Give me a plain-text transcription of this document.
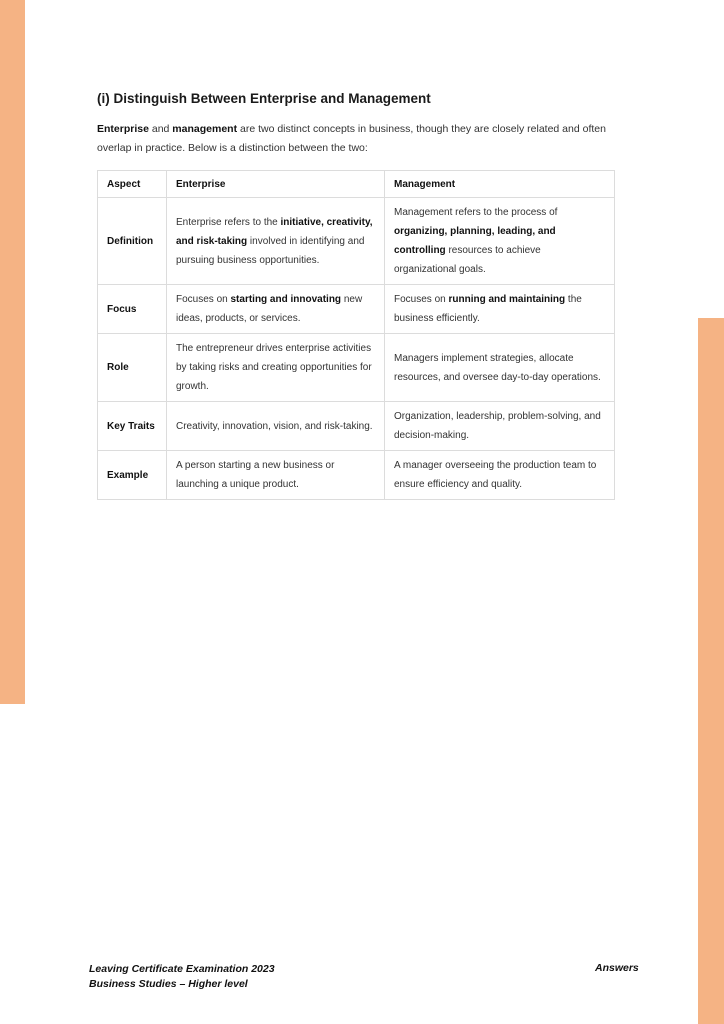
(i) Distinguish Between Enterprise and Management

Enterprise and management are two distinct concepts in business, though they are closely related and often overlap in practice. Below is a distinction between the two:

Aspect	Enterprise	Management
Definition	Enterprise refers to the initiative, creativity, and risk-taking involved in identifying and pursuing business opportunities.	Management refers to the process of organizing, planning, leading, and controlling resources to achieve organizational goals.
Focus	Focuses on starting and innovating new ideas, products, or services.	Focuses on running and maintaining the business efficiently.
Role	The entrepreneur drives enterprise activities by taking risks and creating opportunities for growth.	Managers implement strategies, allocate resources, and oversee day-to-day operations.
Key Traits	Creativity, innovation, vision, and risk-taking.	Organization, leadership, problem-solving, and decision-making.
Example	A person starting a new business or launching a unique product.	A manager overseeing the production team to ensure efficiency and quality.
Leaving Certificate Examination 2023
Business Studies – Higher level
Answers
